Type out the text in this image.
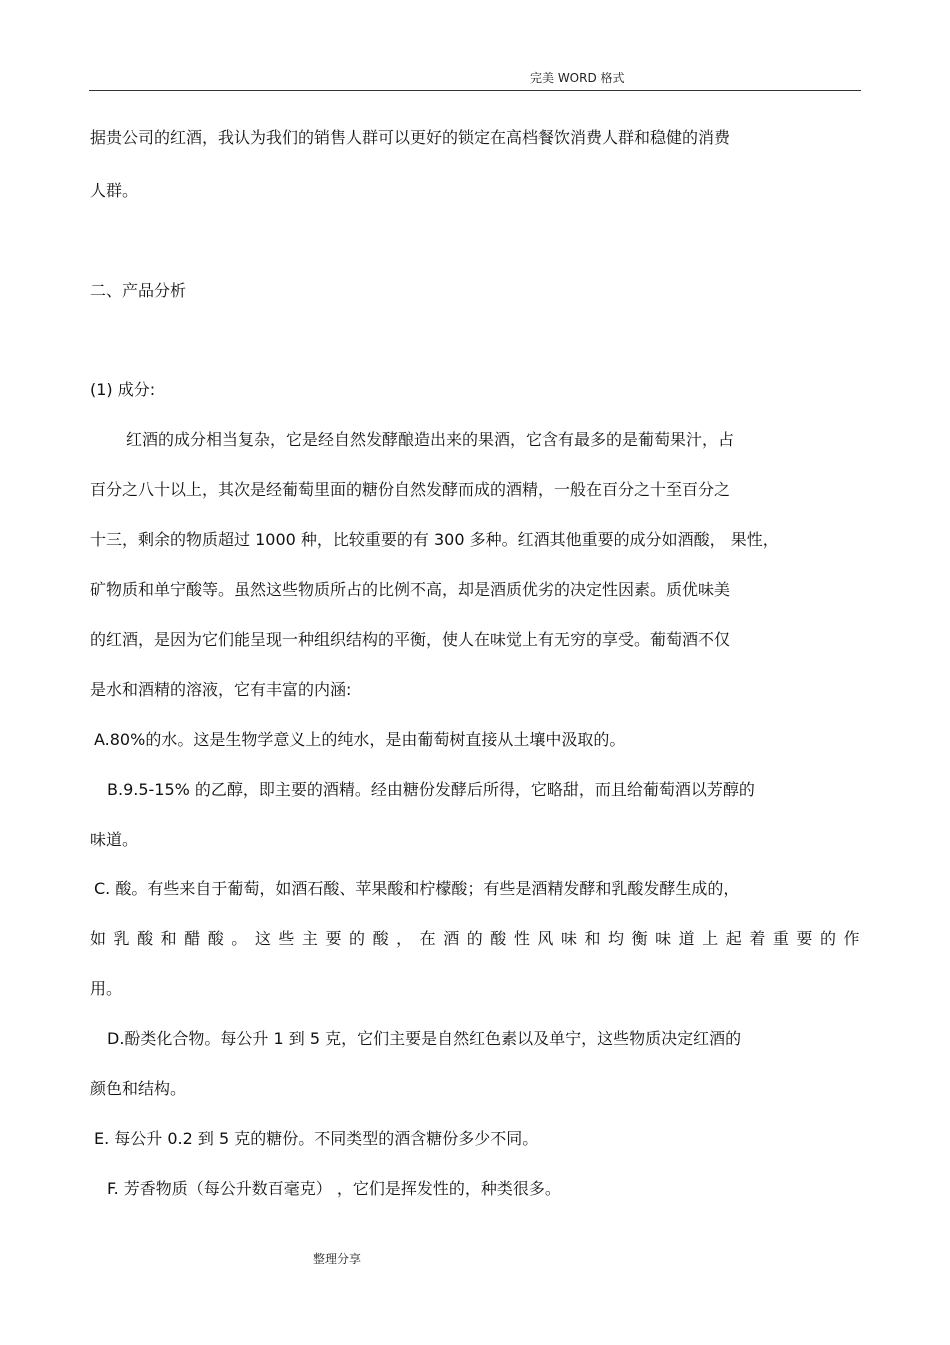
完美 WORD 格式
据贵公司的红酒，我认为我们的销售人群可以更好的锁定在高档餐饮消费人群和稳健的消费
人群。
二、产品分析
(1) 成分:
红酒的成分相当复杂，它是经自然发酵酿造出来的果酒，它含有最多的是葡萄果汁，占
百分之八十以上，其次是经葡萄里面的糖份自然发酵而成的酒精，一般在百分之十至百分之
十三，剩余的物质超过 1000 种，比较重要的有 300 多种。红酒其他重要的成分如酒酸， 果性，
矿物质和单宁酸等。虽然这些物质所占的比例不高，却是酒质优劣的决定性因素。质优味美
的红酒，是因为它们能呈现一种组织结构的平衡，使人在味觉上有无穷的享受。葡萄酒不仅
是水和酒精的溶液，它有丰富的内涵:
A.80%的水。这是生物学意义上的纯水，是由葡萄树直接从土壤中汲取的。
B.9.5-15% 的乙醇，即主要的酒精。经由糖份发酵后所得，它略甜，而且给葡萄酒以芳醇的
味道。
C. 酸。有些来自于葡萄，如酒石酸、苹果酸和柠檬酸；有些是酒精发酵和乳酸发酵生成的，
如乳酸和醋酸。这些主要的酸，在酒的酸性风味和均衡味道上起着重要的作
用。
D.酚类化合物。每公升 1 到 5 克，它们主要是自然红色素以及单宁，这些物质决定红酒的
颜色和结构。
E. 每公升 0.2 到 5 克的糖份。不同类型的酒含糖份多少不同。
F. 芳香物质（每公升数百毫克） ，它们是挥发性的，种类很多。
整理分享
